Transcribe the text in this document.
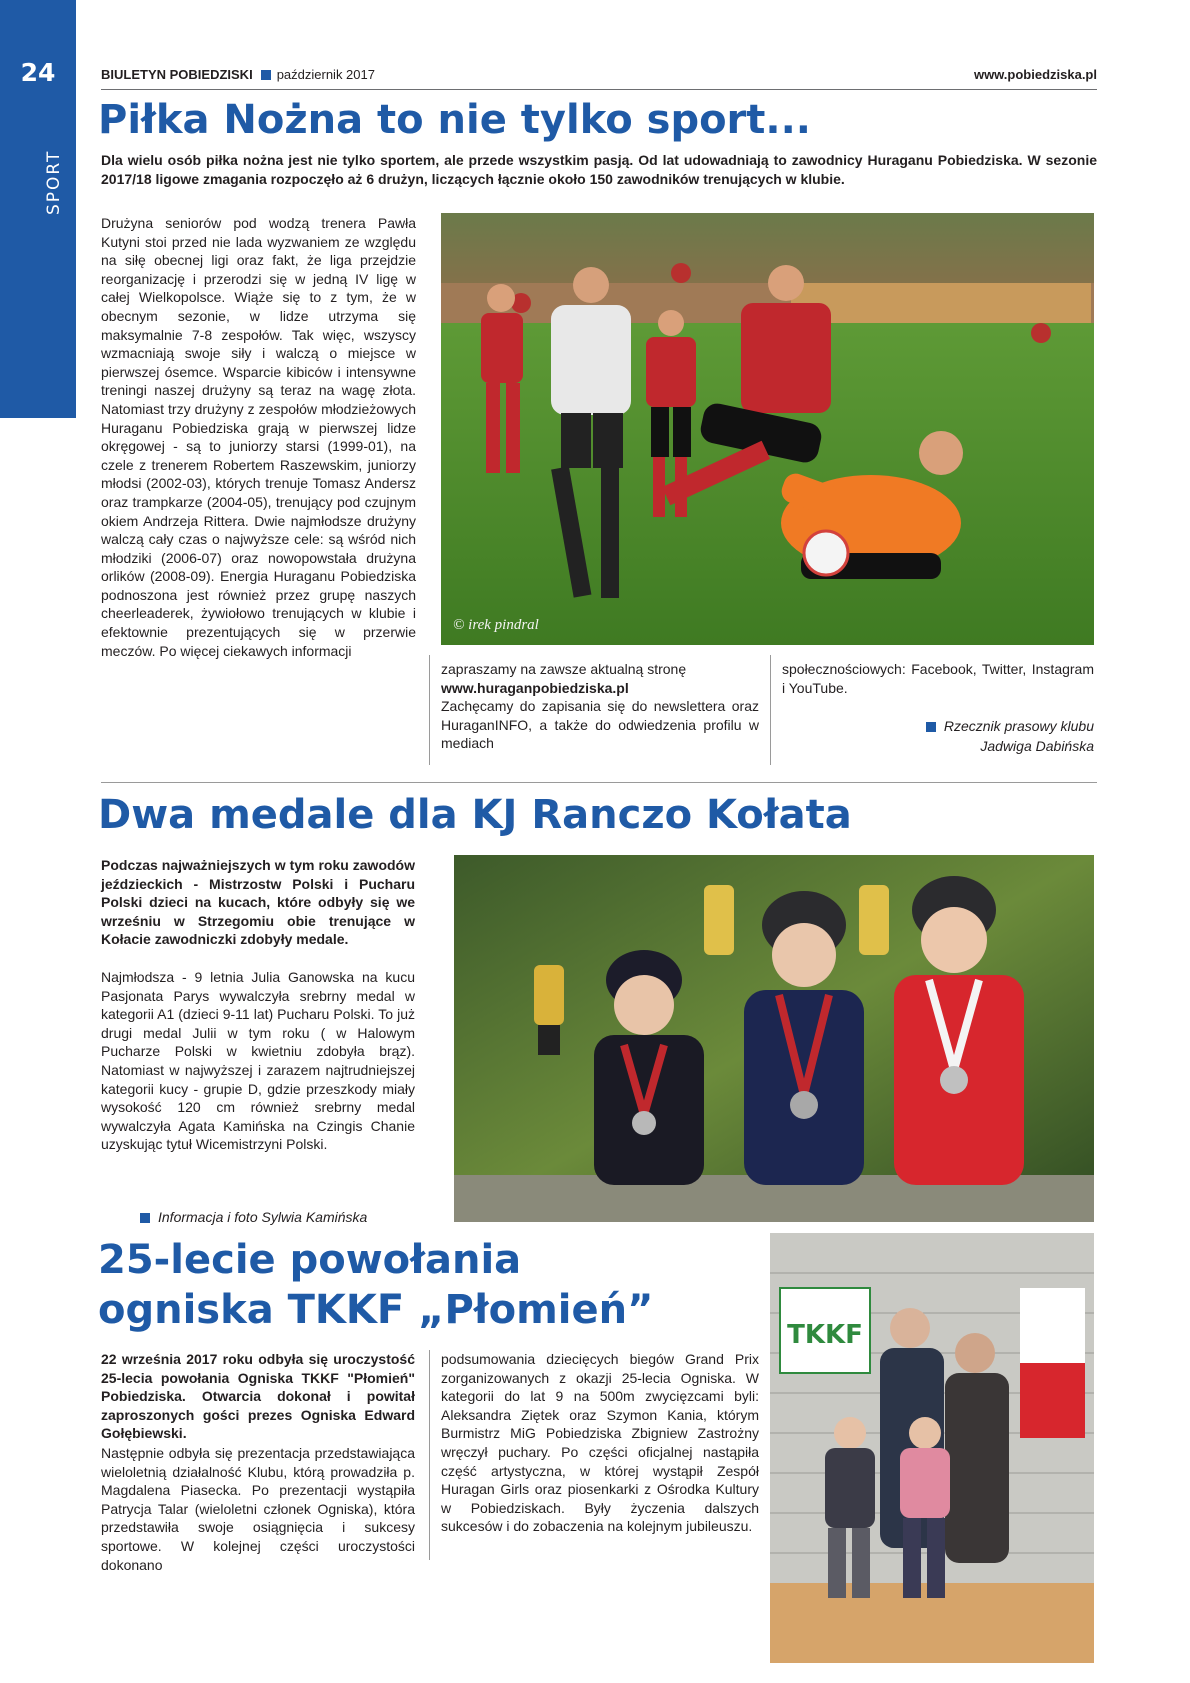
24
SPORT
BIULETYN POBIEDZISKI październik 2017	www.pobiedziska.pl
Piłka Nożna to nie tylko sport...

Dla wielu osób piłka nożna jest nie tylko sportem, ale przede wszystkim pasją. Od lat udowadniają to zawodnicy Huraganu Pobiedziska. W sezonie 2017/18 ligowe zmagania rozpoczęło aż 6 drużyn, liczących łącznie około 150 zawodników trenujących w klubie.

Drużyna seniorów pod wodzą trenera Pawła Kutyni stoi przed nie lada wyzwaniem ze względu na siłę obecnej ligi oraz fakt, że liga przejdzie reorganizację i przerodzi się w jedną IV ligę w całej Wielkopolsce. Wiąże się to z tym, że w obecnym sezonie, w lidze utrzyma się maksymalnie 7-8 zespołów. Tak więc, wszyscy wzmacniają swoje siły i walczą o miejsce w pierwszej ósemce. Wsparcie kibiców i intensywne treningi naszej drużyny są teraz na wagę złota. Natomiast trzy drużyny z zespołów młodzieżowych Huraganu Pobiedziska grają w pierwszej lidze okręgowej - są to juniorzy starsi (1999-01), na czele z trenerem Robertem Raszewskim, juniorzy młodsi (2002-03), których trenuje Tomasz Andersz oraz trampkarze (2004-05), trenujący pod czujnym okiem Andrzeja Rittera. Dwie najmłodsze drużyny walczą cały czas o najwyższe cele: są wśród nich młodziki (2006-07) oraz nowopowstała drużyna orlików (2008-09). Energia Huraganu Pobiedziska podnoszona jest również przez grupę naszych cheerleaderek, żywiołowo trenujących w klubie i efektownie prezentujących się w przerwie meczów. Po więcej ciekawych informacji

© irek pindral

zapraszamy na zawsze aktualną stronę
www.huraganpobiedziska.pl
Zachęcamy do zapisania się do newslettera oraz HuraganINFO, a także do odwiedzenia profilu w mediach

społecznościowych: Facebook, Twitter, Instagram i YouTube.

Rzecznik prasowy klubu
Jadwiga Dabińska
Dwa medale dla KJ Ranczo Kołata

Podczas najważniejszych w tym roku zawodów jeździeckich - Mistrzostw Polski i Pucharu Polski dzieci na kucach, które odbyły się we wrześniu w Strzegomiu obie trenujące w Kołacie zawodniczki zdobyły medale.

Najmłodsza - 9 letnia Julia Ganowska na kucu Pasjonata Parys wywalczyła srebrny medal w kategorii A1 (dzieci 9-11 lat) Pucharu Polski. To już drugi medal Julii w tym roku ( w Halowym Pucharze Polski w kwietniu zdobyła brąz). Natomiast w najwyższej i zarazem najtrudniejszej kategorii kucy - grupie D, gdzie przeszkody miały wysokość 120 cm również srebrny medal wywalczyła Agata Kamińska na Czingis Chanie uzyskując tytuł Wicemistrzyni Polski.

Informacja i foto Sylwia Kamińska
25-lecie powołania
ogniska TKKF „Płomień”

22 września 2017 roku odbyła się uroczystość 25-lecia powołania Ogniska TKKF "Płomień" Pobiedziska. Otwarcia dokonał i powitał zaproszonych gości prezes Ogniska Edward Gołębiewski.

Następnie odbyła się prezentacja przedstawiająca wieloletnią działalność Klubu, którą prowadziła p. Magdalena Piasecka. Po prezentacji wystąpiła Patrycja Talar (wieloletni członek Ogniska), która przedstawiła swoje osiągnięcia i sukcesy sportowe. W kolejnej części uroczystości dokonano

podsumowania dziecięcych biegów Grand Prix zorganizowanych z okazji 25-lecia Ogniska. W kategorii do lat 9 na 500m zwycięzcami byli: Aleksandra Ziętek oraz Szymon Kania, którym Burmistrz MiG Pobiedziska Zbigniew Zastrożny wręczył puchary. Po części oficjalnej nastąpiła część artystyczna, w której wystąpił Zespół Huragan Girls oraz piosenkarki z Ośrodka Kultury w Pobiedziskach. Były życzenia dalszych sukcesów i do zobaczenia na kolejnym jubileuszu.

TKKF
